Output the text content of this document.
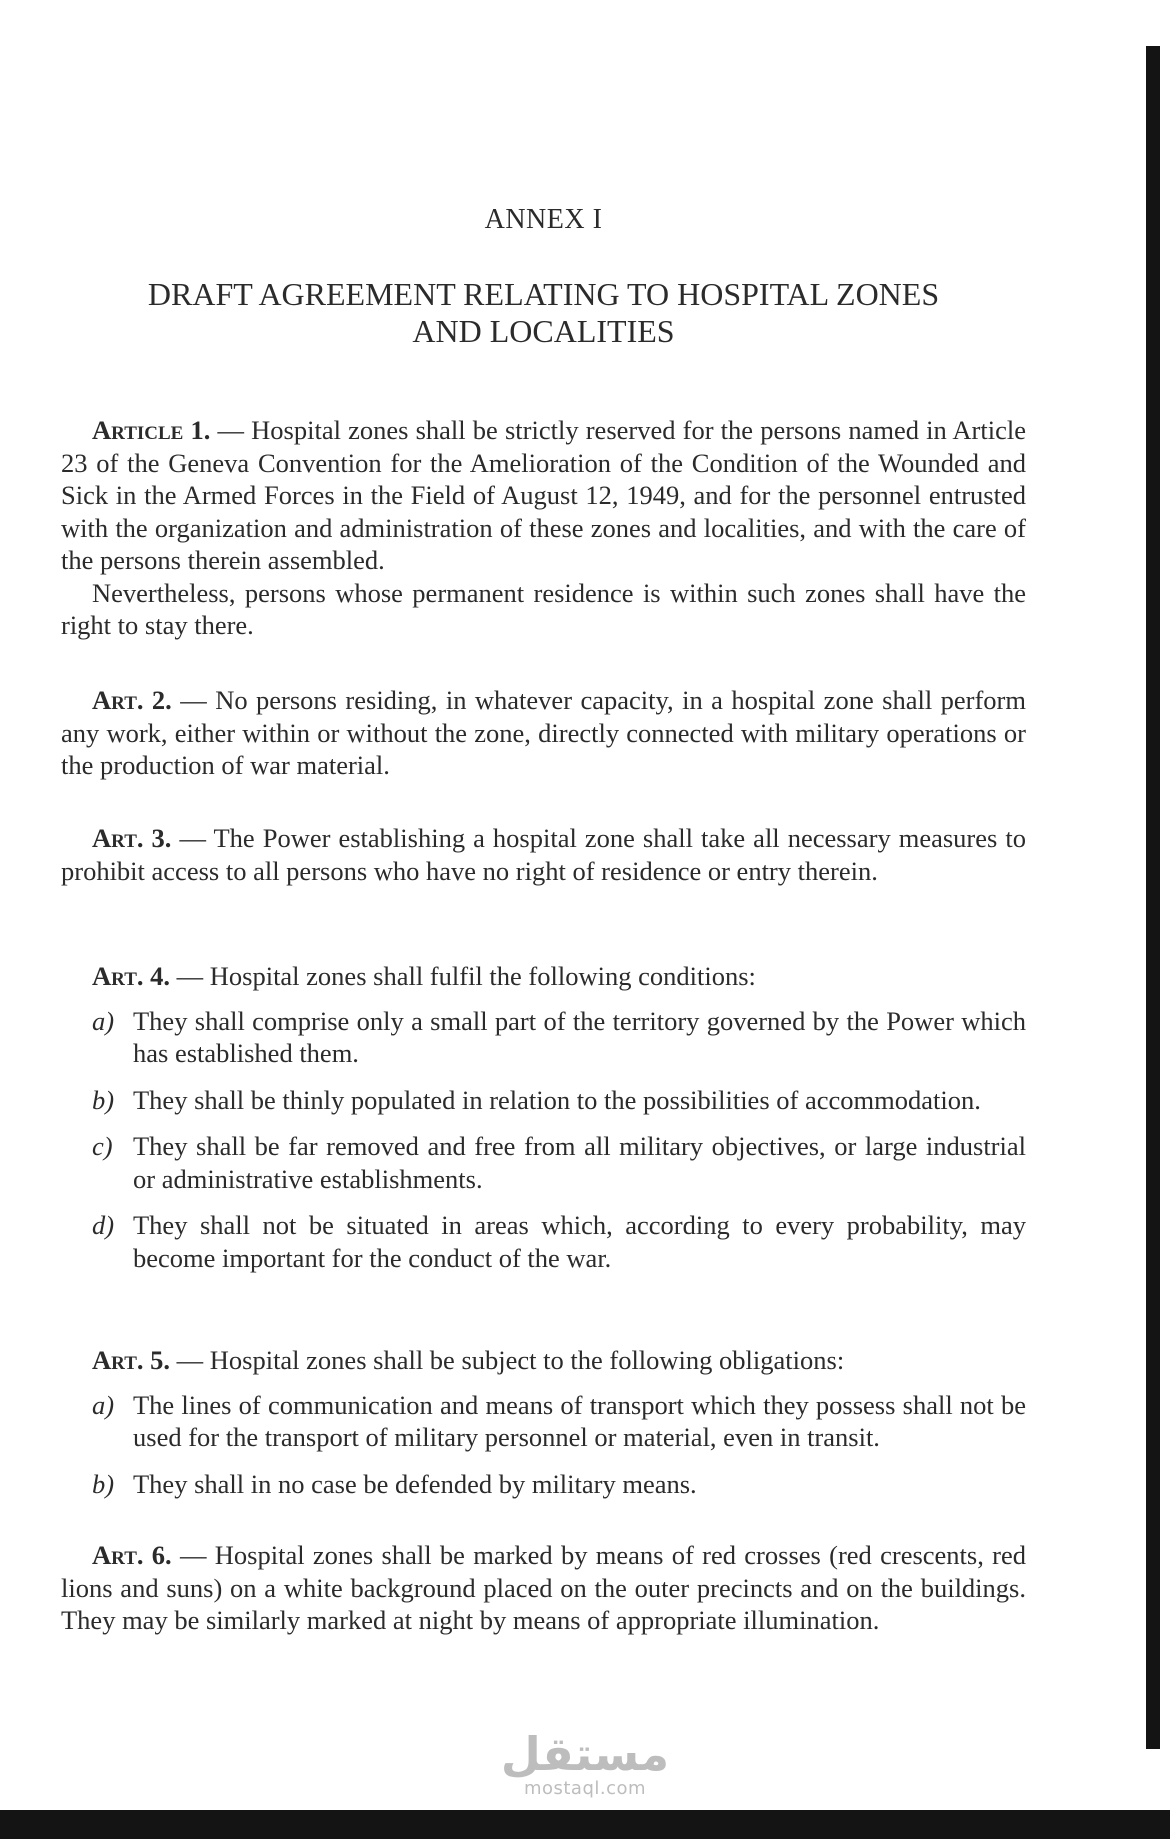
ANNEX I
DRAFT AGREEMENT RELATING TO HOSPITAL ZONES
AND LOCALITIES

Article 1. — Hospital zones shall be strictly reserved for the persons named in Article 23 of the Geneva Convention for the Amelioration of the Condition of the Wounded and Sick in the Armed Forces in the Field of August 12, 1949, and for the personnel entrusted with the organization and administration of these zones and localities, and with the care of the persons therein assembled.

Nevertheless, persons whose permanent residence is within such zones shall have the right to stay there.

Art. 2. — No persons residing, in whatever capacity, in a hospital zone shall perform any work, either within or without the zone, directly connected with military operations or the production of war material.

Art. 3. — The Power establishing a hospital zone shall take all necessary measures to prohibit access to all persons who have no right of residence or entry therein.

Art. 4. — Hospital zones shall fulfil the following conditions:

a) They shall comprise only a small part of the territory governed by the Power which has established them.
b) They shall be thinly populated in relation to the possibilities of accommodation.
c) They shall be far removed and free from all military objectives, or large industrial or administrative establishments.
d) They shall not be situated in areas which, according to every probability, may become important for the conduct of the war.

Art. 5. — Hospital zones shall be subject to the following obligations:

a) The lines of communication and means of transport which they possess shall not be used for the transport of military personnel or material, even in transit.
b) They shall in no case be defended by military means.

Art. 6. — Hospital zones shall be marked by means of red crosses (red crescents, red lions and suns) on a white background placed on the outer precincts and on the buildings. They may be similarly marked at night by means of appropriate illumination.

مستقل
mostaql.com
